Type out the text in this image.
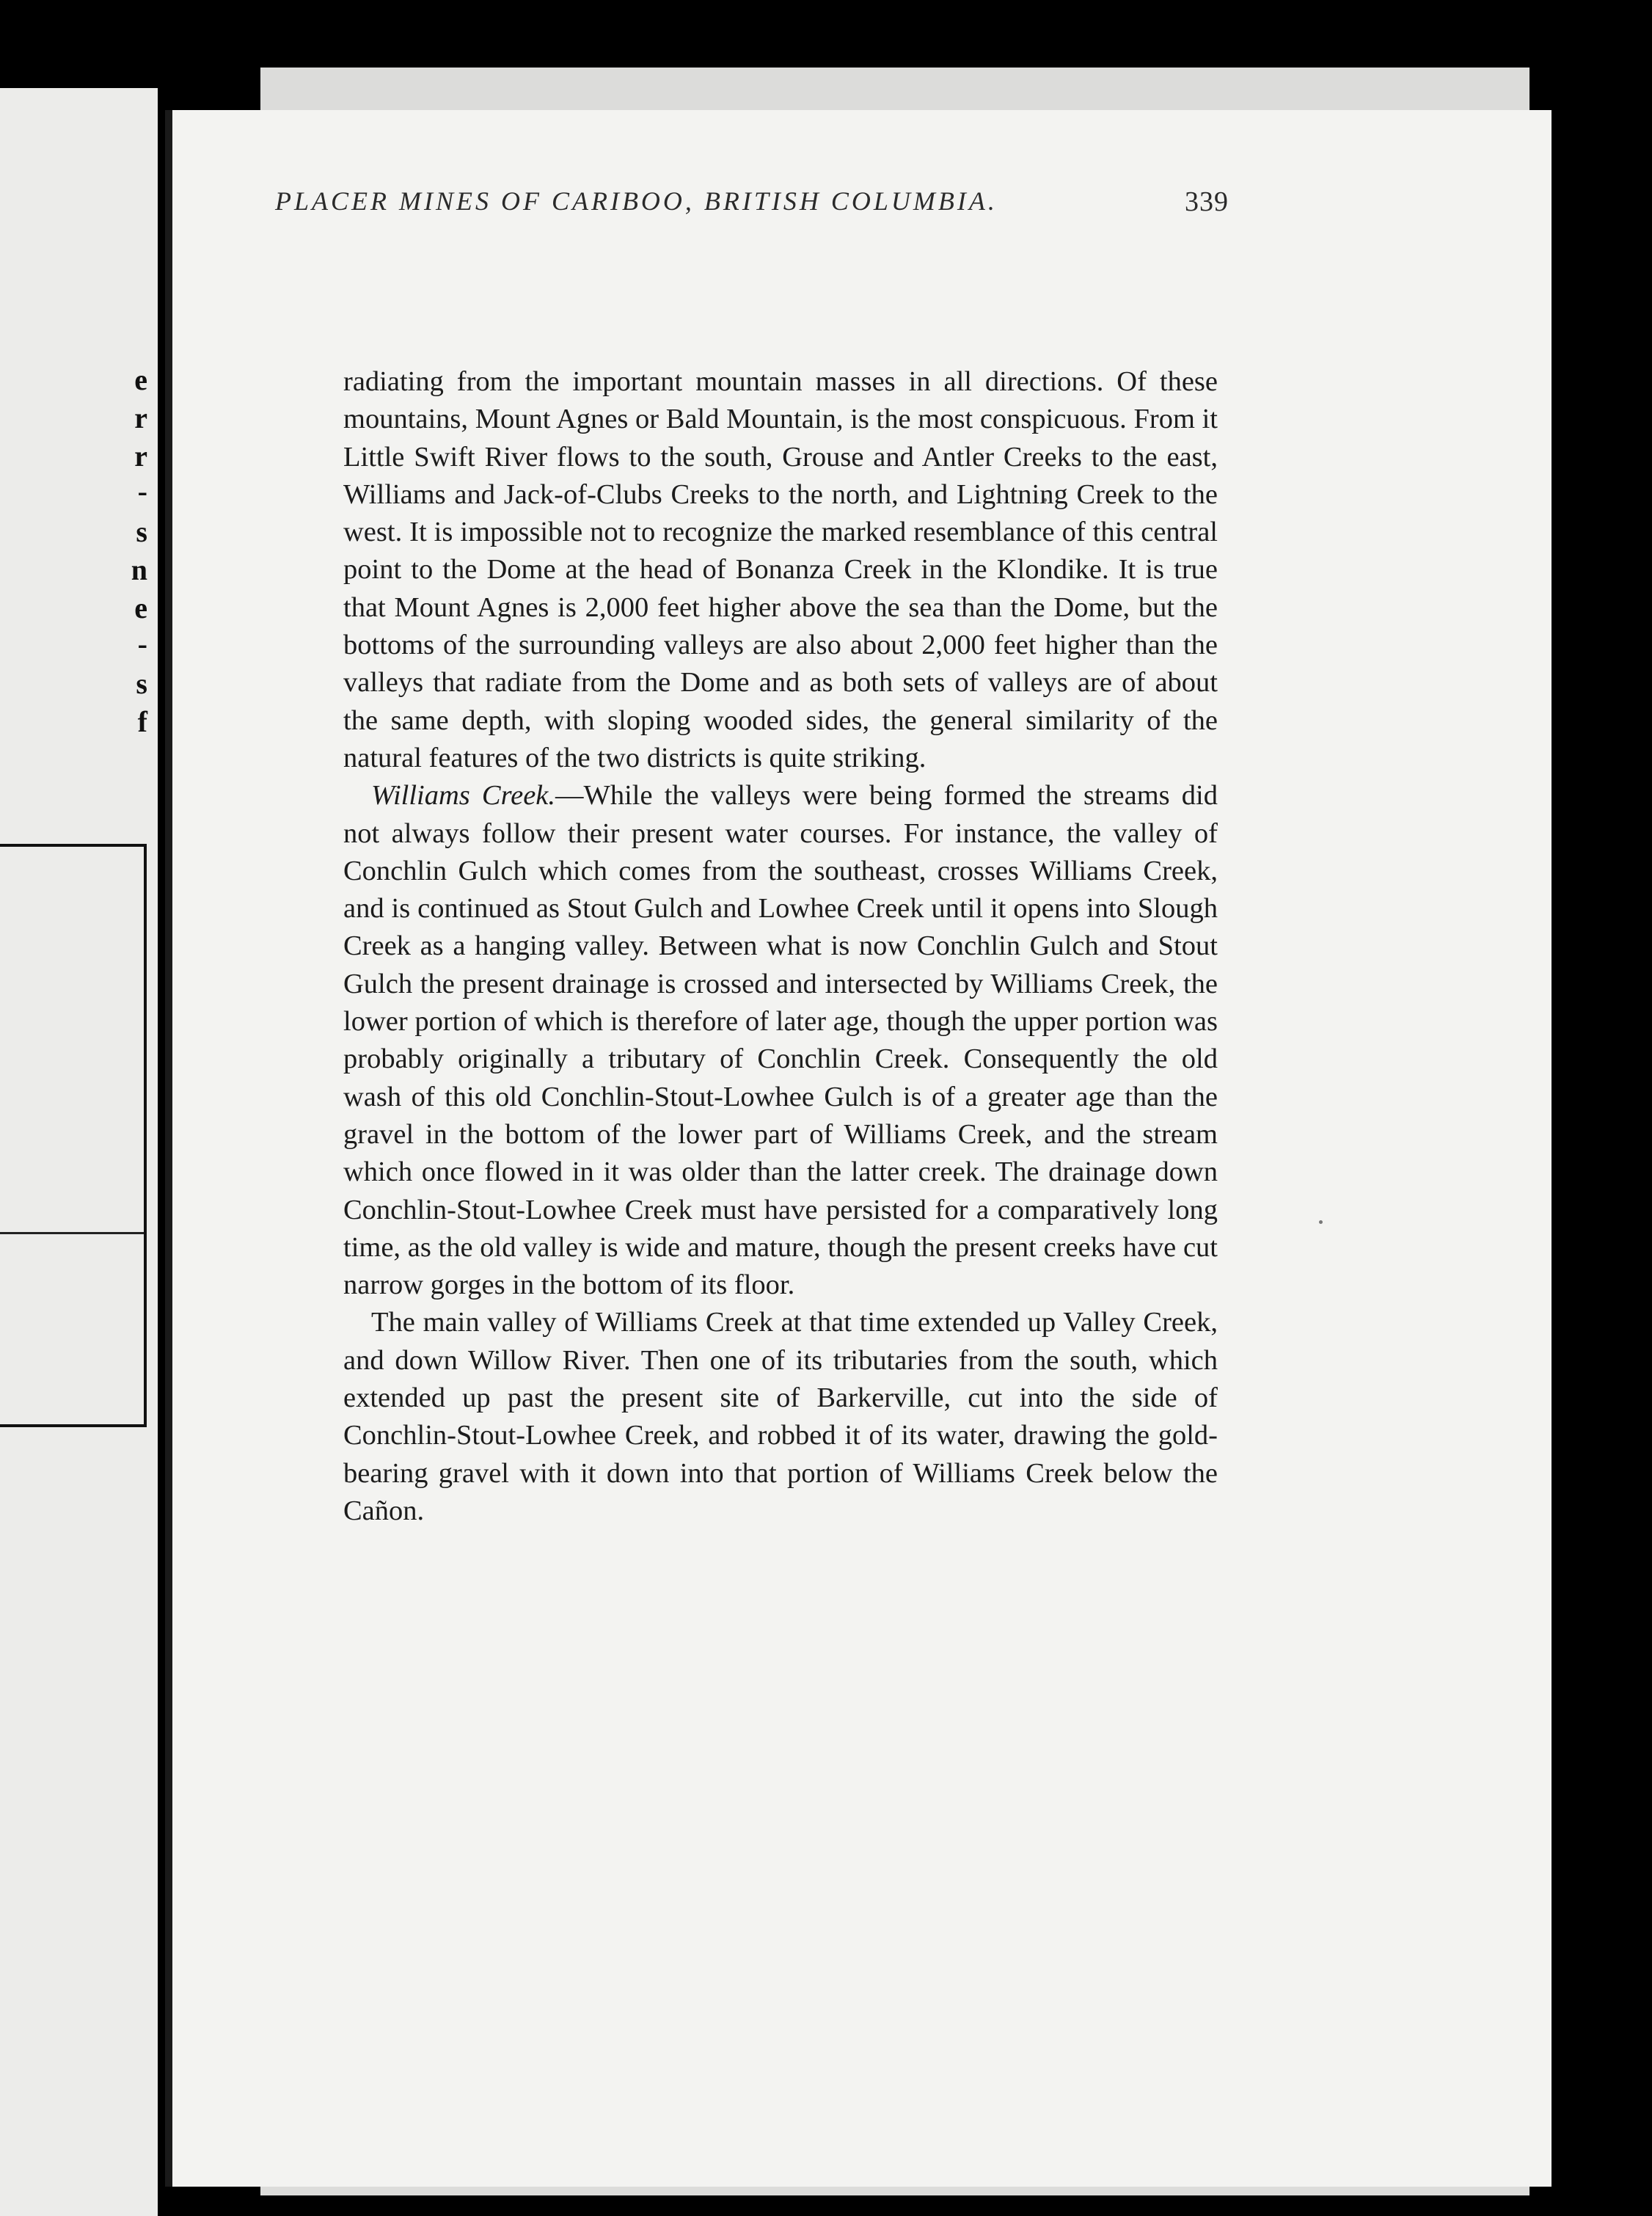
e
r
r
-
s
n
e
-
s
f
PLACER MINES OF CARIBOO, BRITISH COLUMBIA.	339

radiating from the important mountain masses in all directions. Of these mountains, Mount Agnes or Bald Mountain, is the most conspicuous. From it Little Swift River flows to the south, Grouse and Antler Creeks to the east, Williams and Jack-of-Clubs Creeks to the north, and Lightning Creek to the west. It is impossible not to recognize the marked resemblance of this central point to the Dome at the head of Bonanza Creek in the Klondike. It is true that Mount Agnes is 2,000 feet higher above the sea than the Dome, but the bottoms of the surrounding valleys are also about 2,000 feet higher than the valleys that radiate from the Dome and as both sets of valleys are of about the same depth, with sloping wooded sides, the general similarity of the natural features of the two districts is quite striking.

Williams Creek.—While the valleys were being formed the streams did not always follow their present water courses. For instance, the valley of Conchlin Gulch which comes from the southeast, crosses Williams Creek, and is continued as Stout Gulch and Lowhee Creek until it opens into Slough Creek as a hanging valley. Between what is now Conchlin Gulch and Stout Gulch the present drainage is crossed and intersected by Williams Creek, the lower portion of which is therefore of later age, though the upper portion was probably originally a tributary of Conchlin Creek. Consequently the old wash of this old Conchlin-Stout-Lowhee Gulch is of a greater age than the gravel in the bottom of the lower part of Williams Creek, and the stream which once flowed in it was older than the latter creek. The drainage down Conchlin-Stout-Lowhee Creek must have persisted for a comparatively long time, as the old valley is wide and mature, though the present creeks have cut narrow gorges in the bottom of its floor.

The main valley of Williams Creek at that time extended up Valley Creek, and down Willow River. Then one of its tributaries from the south, which extended up past the present site of Barkerville, cut into the side of Conchlin-Stout-Lowhee Creek, and robbed it of its water, drawing the gold-bearing gravel with it down into that portion of Williams Creek below the Cañon.
